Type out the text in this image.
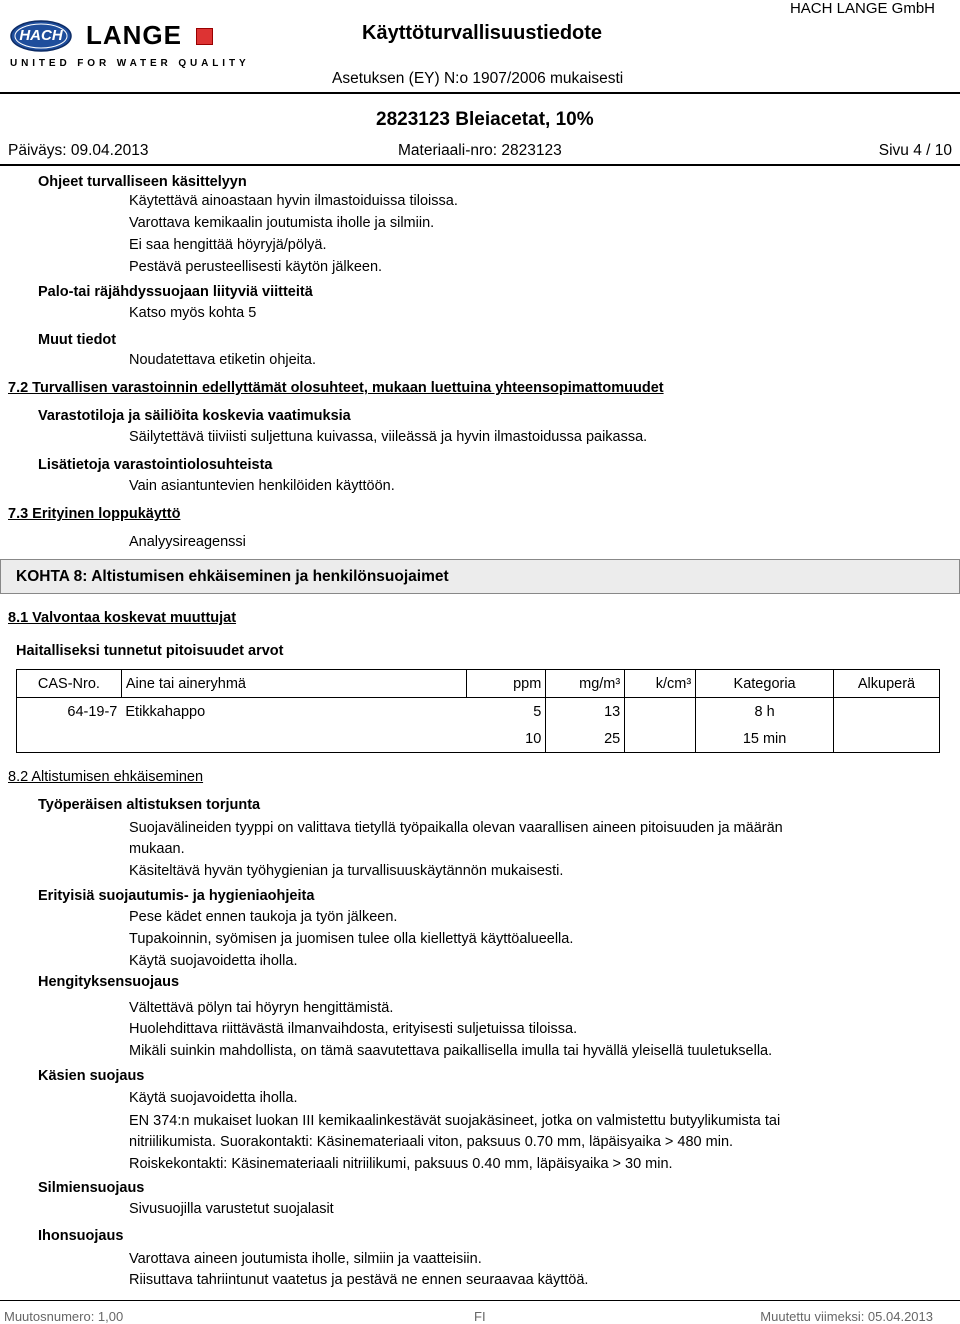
HACH LANGE
UNITED FOR WATER QUALITY
Käyttöturvallisuustiedote
HACH LANGE GmbH
Asetuksen (EY) N:o 1907/2006 mukaisesti
2823123 Bleiacetat, 10%
Päiväys: 09.04.2013	Materiaali-nro: 2823123	Sivu 4 / 10
Ohjeet turvalliseen käsittelyyn
Käytettävä ainoastaan hyvin ilmastoiduissa tiloissa.
Varottava kemikaalin joutumista iholle ja silmiin.
Ei saa hengittää höyryjä/pölyä.
Pestävä perusteellisesti käytön jälkeen.
Palo-tai räjähdyssuojaan liityviä viitteitä
Katso myös kohta 5
Muut tiedot
Noudatettava etiketin ohjeita.
7.2 Turvallisen varastoinnin edellyttämät olosuhteet, mukaan luettuina yhteensopimattomuudet
Varastotiloja ja säiliöita koskevia vaatimuksia
Säilytettävä tiiviisti suljettuna kuivassa, viileässä ja hyvin ilmastoidussa paikassa.
Lisätietoja varastointiolosuhteista
Vain asiantuntevien henkilöiden käyttöön.
7.3 Erityinen loppukäyttö
Analyysireagenssi
KOHTA 8: Altistumisen ehkäiseminen ja henkilönsuojaimet
8.1 Valvontaa koskevat muuttujat
Haitalliseksi tunnetut pitoisuudet arvot
CAS-Nro.	Aine tai aineryhmä	ppm	mg/m³	k/cm³	Kategoria	Alkuperä
64-19-7	Etikkahappo	5	13		8 h	
		10	25		15 min	
8.2 Altistumisen ehkäiseminen
Työperäisen altistuksen torjunta
Suojavälineiden tyyppi on valittava tietyllä työpaikalla olevan vaarallisen aineen pitoisuuden ja määrän
mukaan.
Käsiteltävä hyvän työhygienian ja turvallisuuskäytännön mukaisesti.
Erityisiä suojautumis- ja hygieniaohjeita
Pese kädet ennen taukoja ja työn jälkeen.
Tupakoinnin, syömisen ja juomisen tulee olla kiellettyä käyttöalueella.
Käytä suojavoidetta iholla.
Hengityksensuojaus
Vältettävä pölyn tai höyryn hengittämistä.
Huolehdittava riittävästä ilmanvaihdosta, erityisesti suljetuissa tiloissa.
Mikäli suinkin mahdollista, on tämä saavutettava paikallisella imulla tai hyvällä yleisellä tuuletuksella.
Käsien suojaus
Käytä suojavoidetta iholla.
EN 374:n mukaiset luokan III kemikaalinkestävät suojakäsineet, jotka on valmistettu butyylikumista tai
nitriilikumista. Suorakontakti: Käsinemateriaali viton, paksuus 0.70 mm, läpäisyaika > 480 min.
Roiskekontakti: Käsinemateriaali nitriilikumi, paksuus 0.40 mm, läpäisyaika > 30 min.
Silmiensuojaus
Sivusuojilla varustetut suojalasit
Ihonsuojaus
Varottava aineen joutumista iholle, silmiin ja vaatteisiin.
Riisuttava tahriintunut vaatetus ja pestävä ne ennen seuraavaa käyttöä.
Muutosnumero: 1,00	FI	Muutettu viimeksi: 05.04.2013
